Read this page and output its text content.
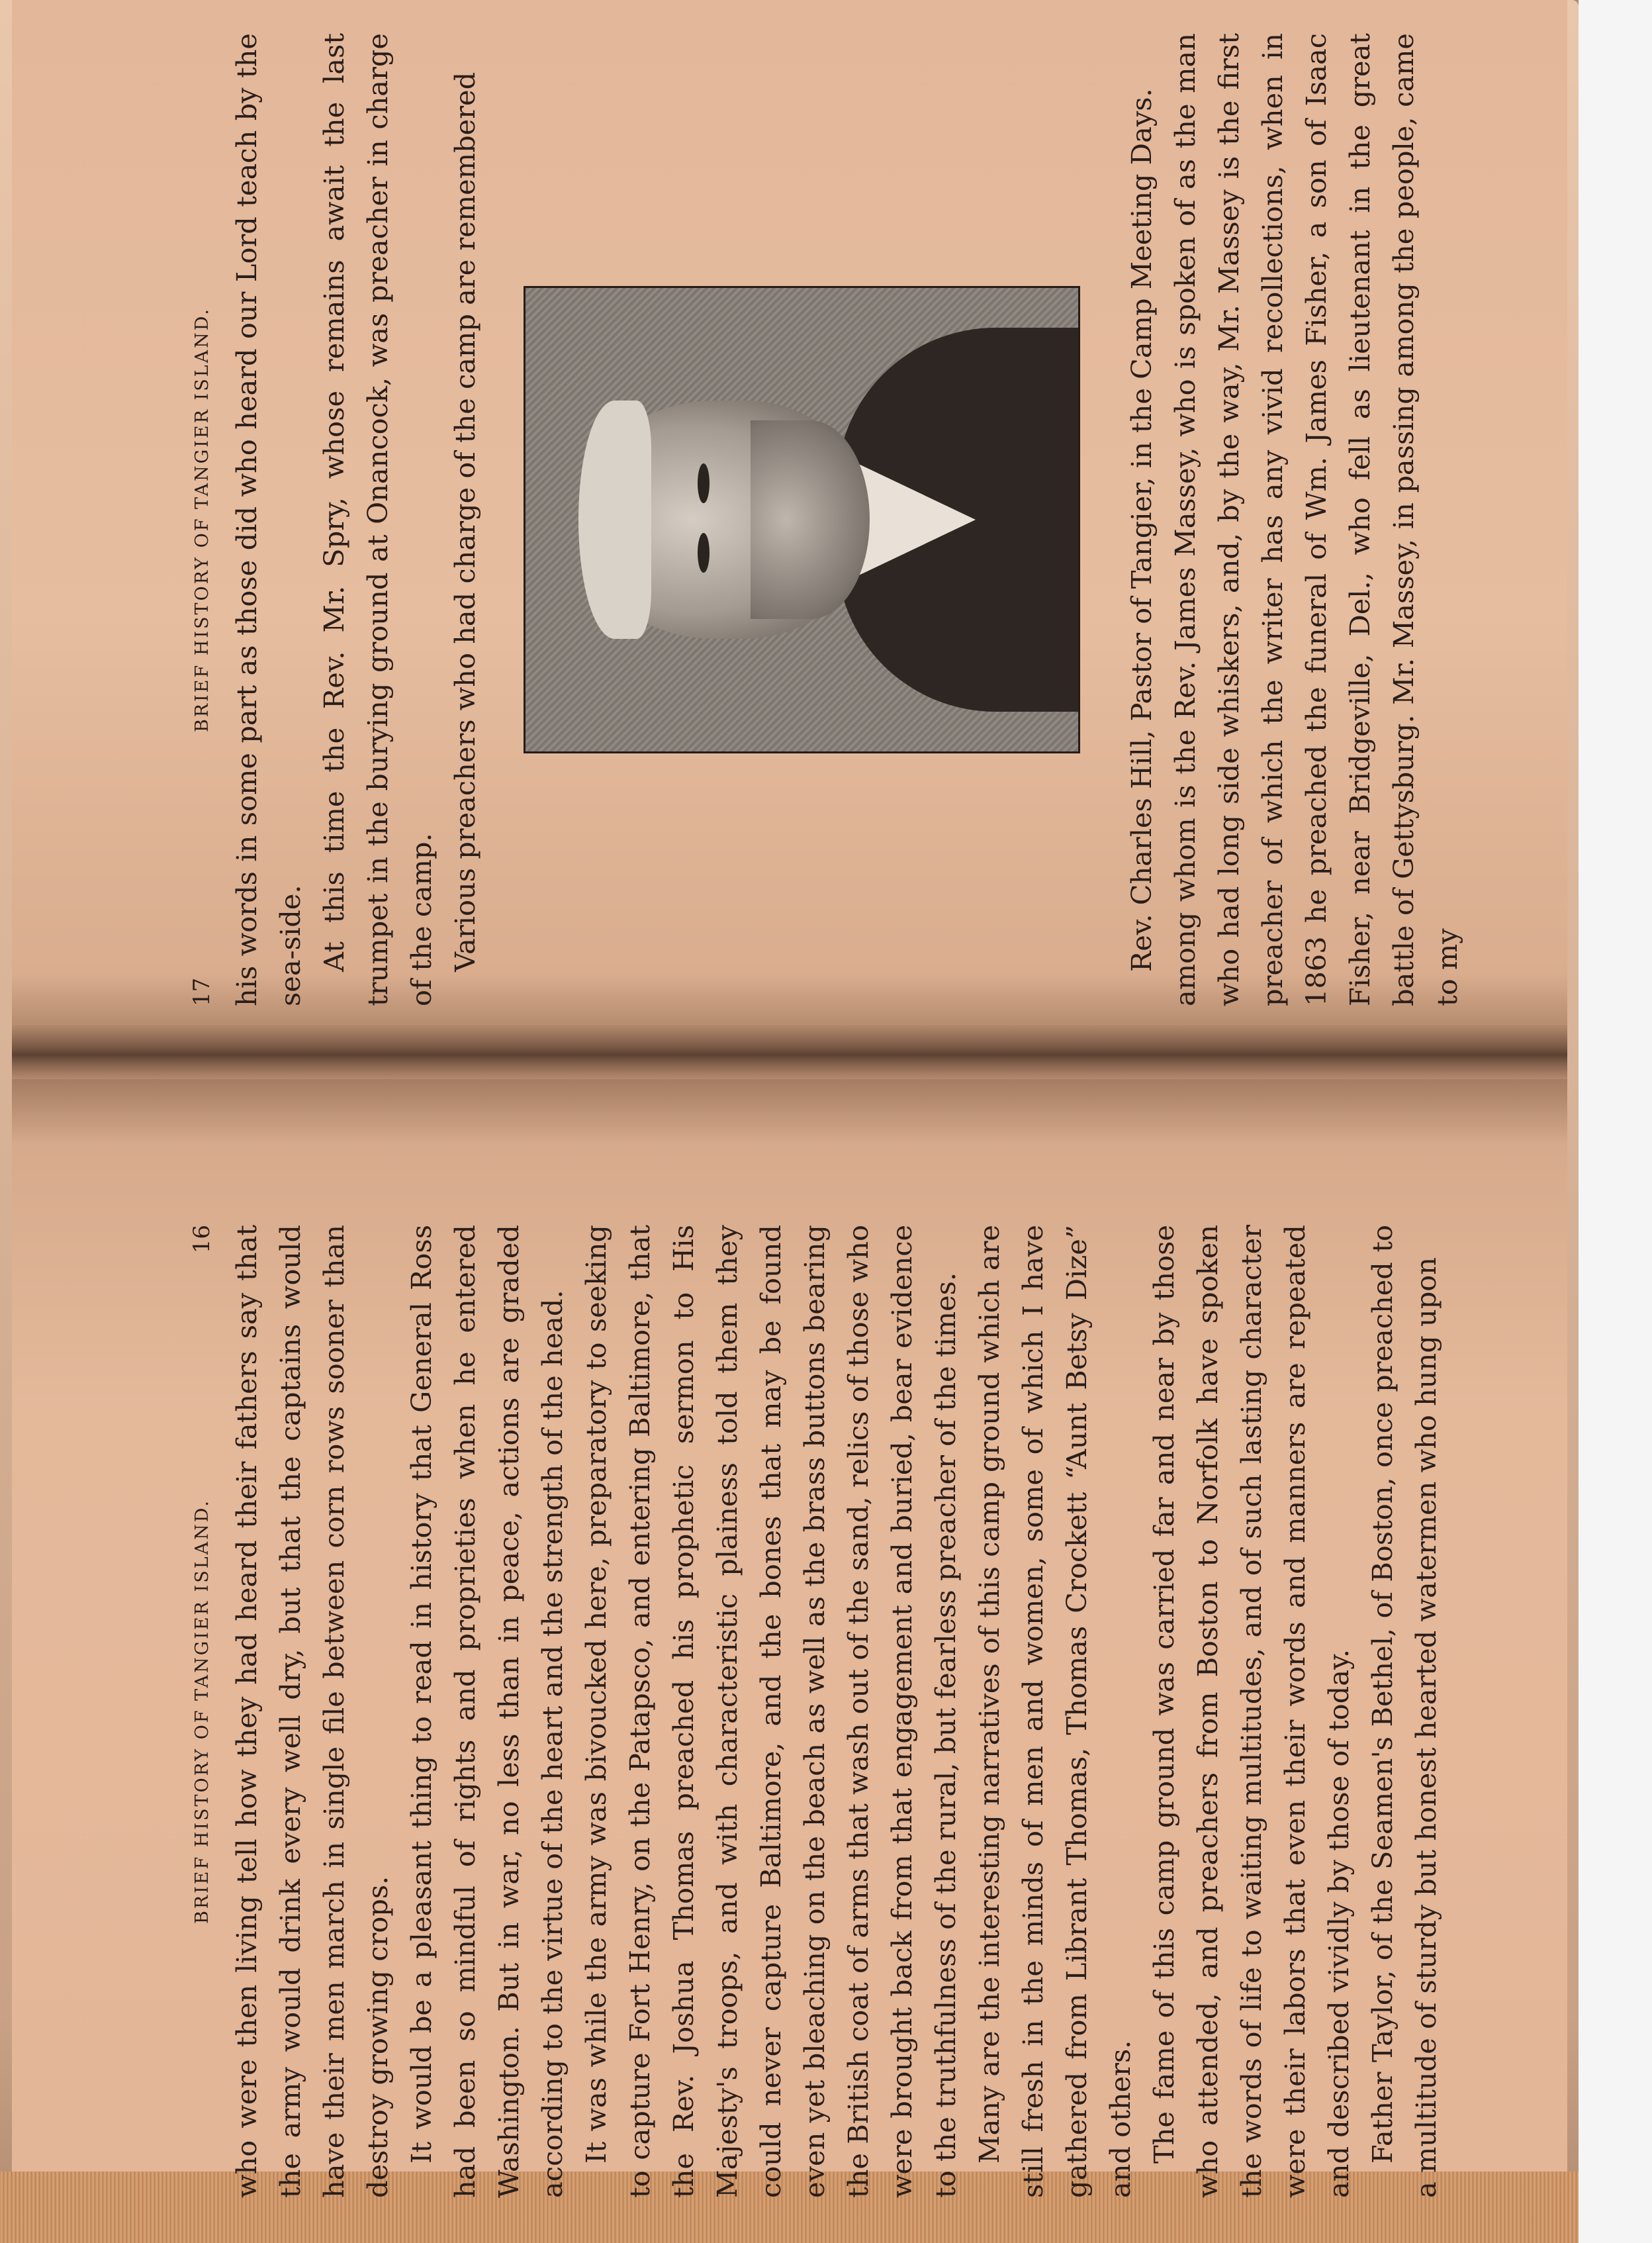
17
BRIEF HISTORY OF TANGIER ISLAND. his words in some part as those did who heard our Lord teach by the sea-side. At this time the Rev. Mr. Spry, whose remains await the last trumpet in the burying ground at Onancock, was preacher in charge of the camp. Various preachers who had charge of the camp are remembered	Rev. Charles Hill, Pastor of Tangier, in the Camp Meeting Days. among whom is the Rev. James Massey, who is spoken of as the man who had long side whiskers, and, by the way, Mr. Massey is the first preacher of which the writer has any vivid recollections, when in 1863 he preached the funeral of Wm. James Fisher, a son of Isaac Fisher, near Bridgeville, Del., who fell as lieutenant in the great battle of Gettysburg. Mr. Massey, in passing among the people, came to my

BRIEF HISTORY OF TANGIER ISLAND.
16 who were then living tell how they had heard their fathers say that the army would drink every well dry, but that the captains would have their men march in single file between corn rows sooner than destroy growing crops. It would be a pleasant thing to read in history that General Ross had been so mindful of rights and proprieties when he entered Washington. But in war, no less than in peace, actions are graded according to the virtue of the heart and the strength of the head. It was while the army was bivoucked here, preparatory to seeking to capture Fort Henry, on the Patapsco, and entering Baltimore, that the Rev. Joshua Thomas preached his prophetic sermon to His Majesty's troops, and with characteristic plainess told them they could never capture Baltimore, and the bones that may be found even yet bleaching on the beach as well as the brass buttons bearing the British coat of arms that wash out of the sand, relics of those who were brought back from that engagement and buried, bear evidence to the truthfulness of the rural, but fearless preacher of the times. Many are the interesting narratives of this camp ground which are still fresh in the minds of men and women, some of which I have gathered from Librant Thomas, Thomas Crockett “Aunt Betsy Dize” and others. The fame of this camp ground was carried far and near by those who attended, and preachers from Boston to Norfolk have spoken the words of life to waiting multitudes, and of such lasting character were their labors that even their words and manners are repeated and described vividly by those of today. Father Taylor, of the Seamen's Bethel, of Boston, once preached to a multitude of sturdy but honest hearted watermen who hung upon
